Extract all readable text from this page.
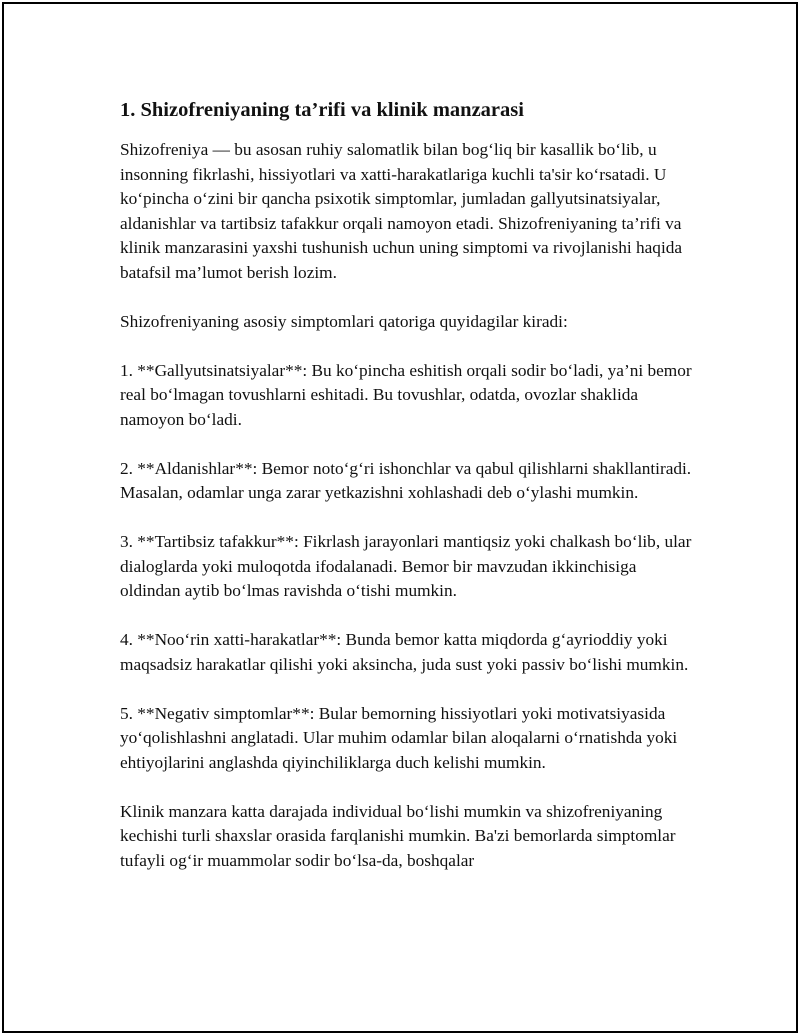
1. Shizofreniyaning ta’rifi va klinik manzarasi

Shizofreniya — bu asosan ruhiy salomatlik bilan bog‘liq bir kasallik bo‘lib, u insonning fikrlashi, hissiyotlari va xatti-harakatlariga kuchli ta'sir ko‘rsatadi. U ko‘pincha o‘zini bir qancha psixotik simptomlar, jumladan gallyutsinatsiyalar, aldanishlar va tartibsiz tafakkur orqali namoyon etadi. Shizofreniyaning ta’rifi va klinik manzarasini yaxshi tushunish uchun uning simptomi va rivojlanishi haqida batafsil ma’lumot berish lozim.

Shizofreniyaning asosiy simptomlari qatoriga quyidagilar kiradi:

1. **Gallyutsinatsiyalar**: Bu ko‘pincha eshitish orqali sodir bo‘ladi, ya’ni bemor real bo‘lmagan tovushlarni eshitadi. Bu tovushlar, odatda, ovozlar shaklida namoyon bo‘ladi.

2. **Aldanishlar**: Bemor noto‘g‘ri ishonchlar va qabul qilishlarni shakllantiradi. Masalan, odamlar unga zarar yetkazishni xohlashadi deb o‘ylashi mumkin.

3. **Tartibsiz tafakkur**: Fikrlash jarayonlari mantiqsiz yoki chalkash bo‘lib, ular dialoglarda yoki muloqotda ifodalanadi. Bemor bir mavzudan ikkinchisiga oldindan aytib bo‘lmas ravishda o‘tishi mumkin.

4. **Noo‘rin xatti-harakatlar**: Bunda bemor katta miqdorda g‘ayrioddiy yoki maqsadsiz harakatlar qilishi yoki aksincha, juda sust yoki passiv bo‘lishi mumkin.

5. **Negativ simptomlar**: Bular bemorning hissiyotlari yoki motivatsiyasida yo‘qolishlashni anglatadi. Ular muhim odamlar bilan aloqalarni o‘rnatishda yoki ehtiyojlarini anglashda qiyinchiliklarga duch kelishi mumkin.

Klinik manzara katta darajada individual bo‘lishi mumkin va shizofreniyaning kechishi turli shaxslar orasida farqlanishi mumkin. Ba'zi bemorlarda simptomlar tufayli og‘ir muammolar sodir bo‘lsa-da, boshqalar
